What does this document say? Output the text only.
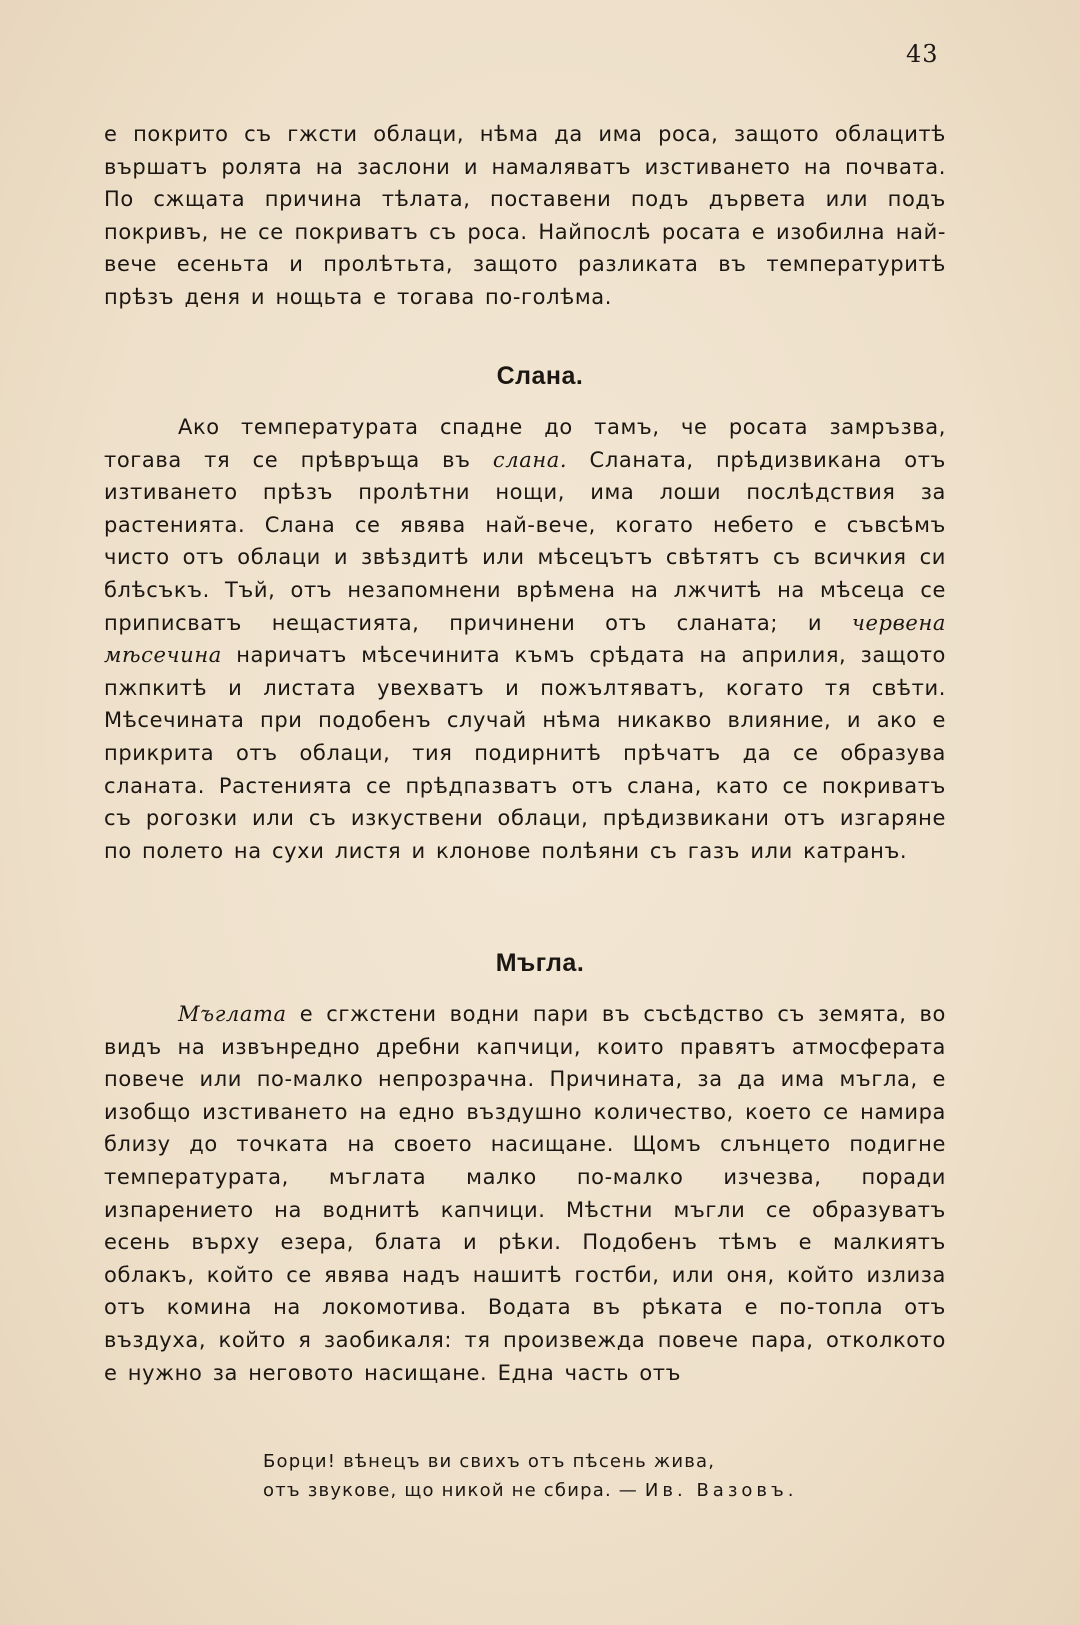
43

е покрито съ гжсти облаци, нѣма да има роса, защото облацитѣ вършатъ ролята на заслони и намаляватъ изстиването на почвата. По сжщата причина тѣлата, поставени подъ дървета или подъ покривъ, не се покриватъ съ роса. Найпослѣ росата е изобилна най-вече есеньта и пролѣтьта, защото разликата въ температуритѣ прѣзъ деня и нощьта е тогава по-голѣма.

Слана.

Ако температурата спадне до тамъ, че росата замръзва, тогава тя се прѣвръща въ слана. Сланата, прѣдизвикана отъ изтиването прѣзъ пролѣтни нощи, има лоши послѣдствия за растенията. Слана се явява най-вече, когато небето е съвсѣмъ чисто отъ облаци и звѣздитѣ или мѣсецътъ свѣтятъ съ всичкия си блѣсъкъ. Тъй, отъ незапомнени врѣмена на лжчитѣ на мѣсеца се приписватъ нещастията, причинени отъ сланата; и червена мѣсечина наричатъ мѣсечинита къмъ срѣдата на априлия, защото пжпкитѣ и листата увехватъ и пожълтяватъ, когато тя свѣти. Мѣсечината при подобенъ случай нѣма никакво влияние, и ако е прикрита отъ облаци, тия подирнитѣ прѣчатъ да се образува сланата. Растенията се прѣдпазватъ отъ слана, като се покриватъ съ рогозки или съ изкуствени облаци, прѣдизвикани отъ изгаряне по полето на сухи листя и клонове полѣяни съ газъ или катранъ.

Мъгла.

Мъглата е сгжстени водни пари въ съсѣдство съ земята, во видъ на извънредно дребни капчици, които правятъ атмосферата повече или по-малко непрозрачна. Причината, за да има мъгла, е изобщо изстиването на едно въздушно количество, което се намира близу до точката на своето насищане. Щомъ слънцето подигне температурата, мъглата малко по-малко изчезва, поради изпарението на воднитѣ капчици. Мѣстни мъгли се образуватъ есень върху езера, блата и рѣки. Подобенъ тѣмъ е малкиятъ облакъ, който се явява надъ нашитѣ гостби, или оня, който излиза отъ комина на локомотива. Водата въ рѣката е по-топла отъ въздуха, който я заобикаля: тя произвежда повече пара, отколкото е нужно за неговото насищане. Една часть отъ

Борци! вѣнецъ ви свихъ отъ пѣсень жива,
отъ звукове, що никой не сбира. — Ив. Вазовъ.
